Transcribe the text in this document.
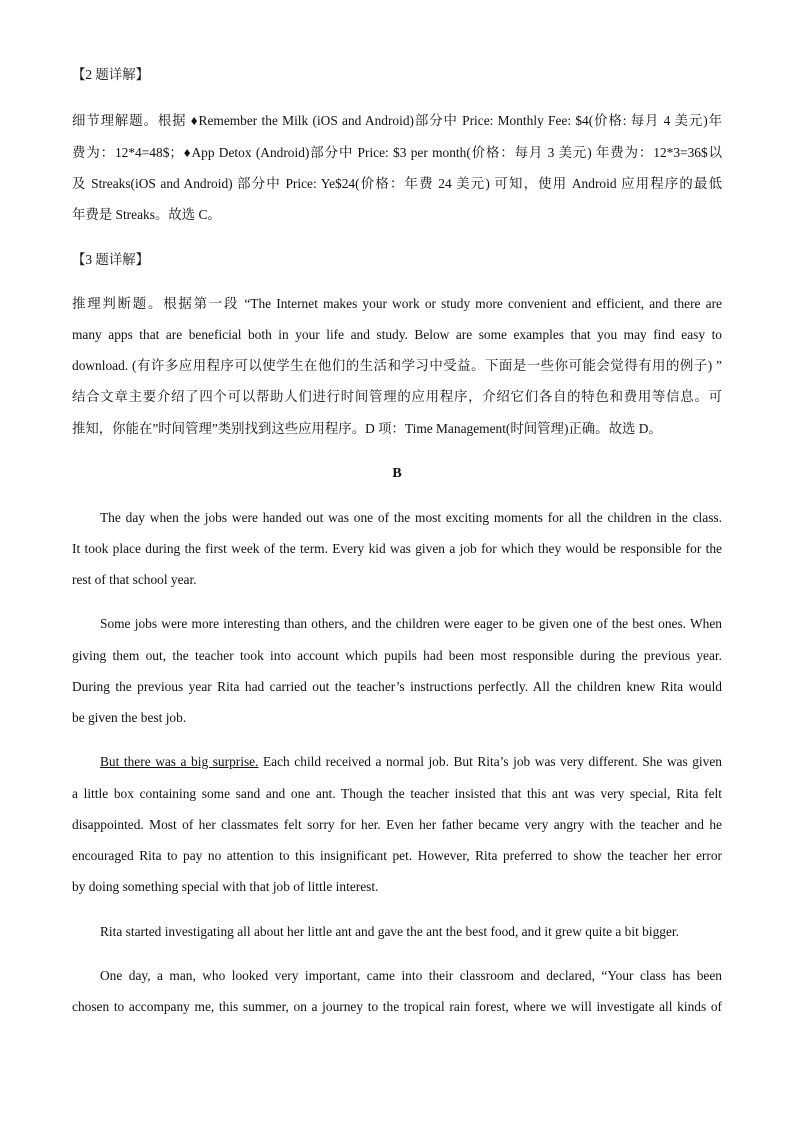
【2 题详解】
细节理解题。根据 ♦Remember the Milk (iOS and Android)部分中 Price: Monthly Fee: $4(价格: 每月 4 美元)年
费为：12*4=48$；♦App Detox (Android)部分中 Price: $3 per month(价格：每月 3 美元) 年费为：12*3=36$以
及 Streaks(iOS and Android) 部分中 Price: Ye$24(价格：年费 24 美元) 可知，使用 Android 应用程序的最低
年费是 Streaks。故选 C。
【3 题详解】
推理判断题。根据第一段 “The Internet makes your work or study more convenient and efficient, and there are
many apps that are beneficial both in your life and study. Below are some examples that you may find easy to
download. (有许多应用程序可以使学生在他们的生活和学习中受益。下面是一些你可能会觉得有用的例子) ”
结合文章主要介绍了四个可以帮助人们进行时间管理的应用程序，介绍它们各自的特色和费用等信息。可
推知，你能在”时间管理”类别找到这些应用程序。D 项：Time Management(时间管理)正确。故选 D。
B
The day when the jobs were handed out was one of the most exciting moments for all the children in the class.
It took place during the first week of the term. Every kid was given a job for which they would be responsible for the
rest of that school year.
Some jobs were more interesting than others, and the children were eager to be given one of the best ones. When
giving them out, the teacher took into account which pupils had been most responsible during the previous year.
During the previous year Rita had carried out the teacher’s instructions perfectly. All the children knew Rita would
be given the best job.
But there was a big surprise. Each child received a normal job. But Rita’s job was very different. She was given
a little box containing some sand and one ant. Though the teacher insisted that this ant was very special, Rita felt
disappointed. Most of her classmates felt sorry for her. Even her father became very angry with the teacher and he
encouraged Rita to pay no attention to this insignificant pet. However, Rita preferred to show the teacher her error
by doing something special with that job of little interest.
Rita started investigating all about her little ant and gave the ant the best food, and it grew quite a bit bigger.
One day, a man, who looked very important, came into their classroom and declared, “Your class has been
chosen to accompany me, this summer, on a journey to the tropical rain forest, where we will investigate all kinds of
